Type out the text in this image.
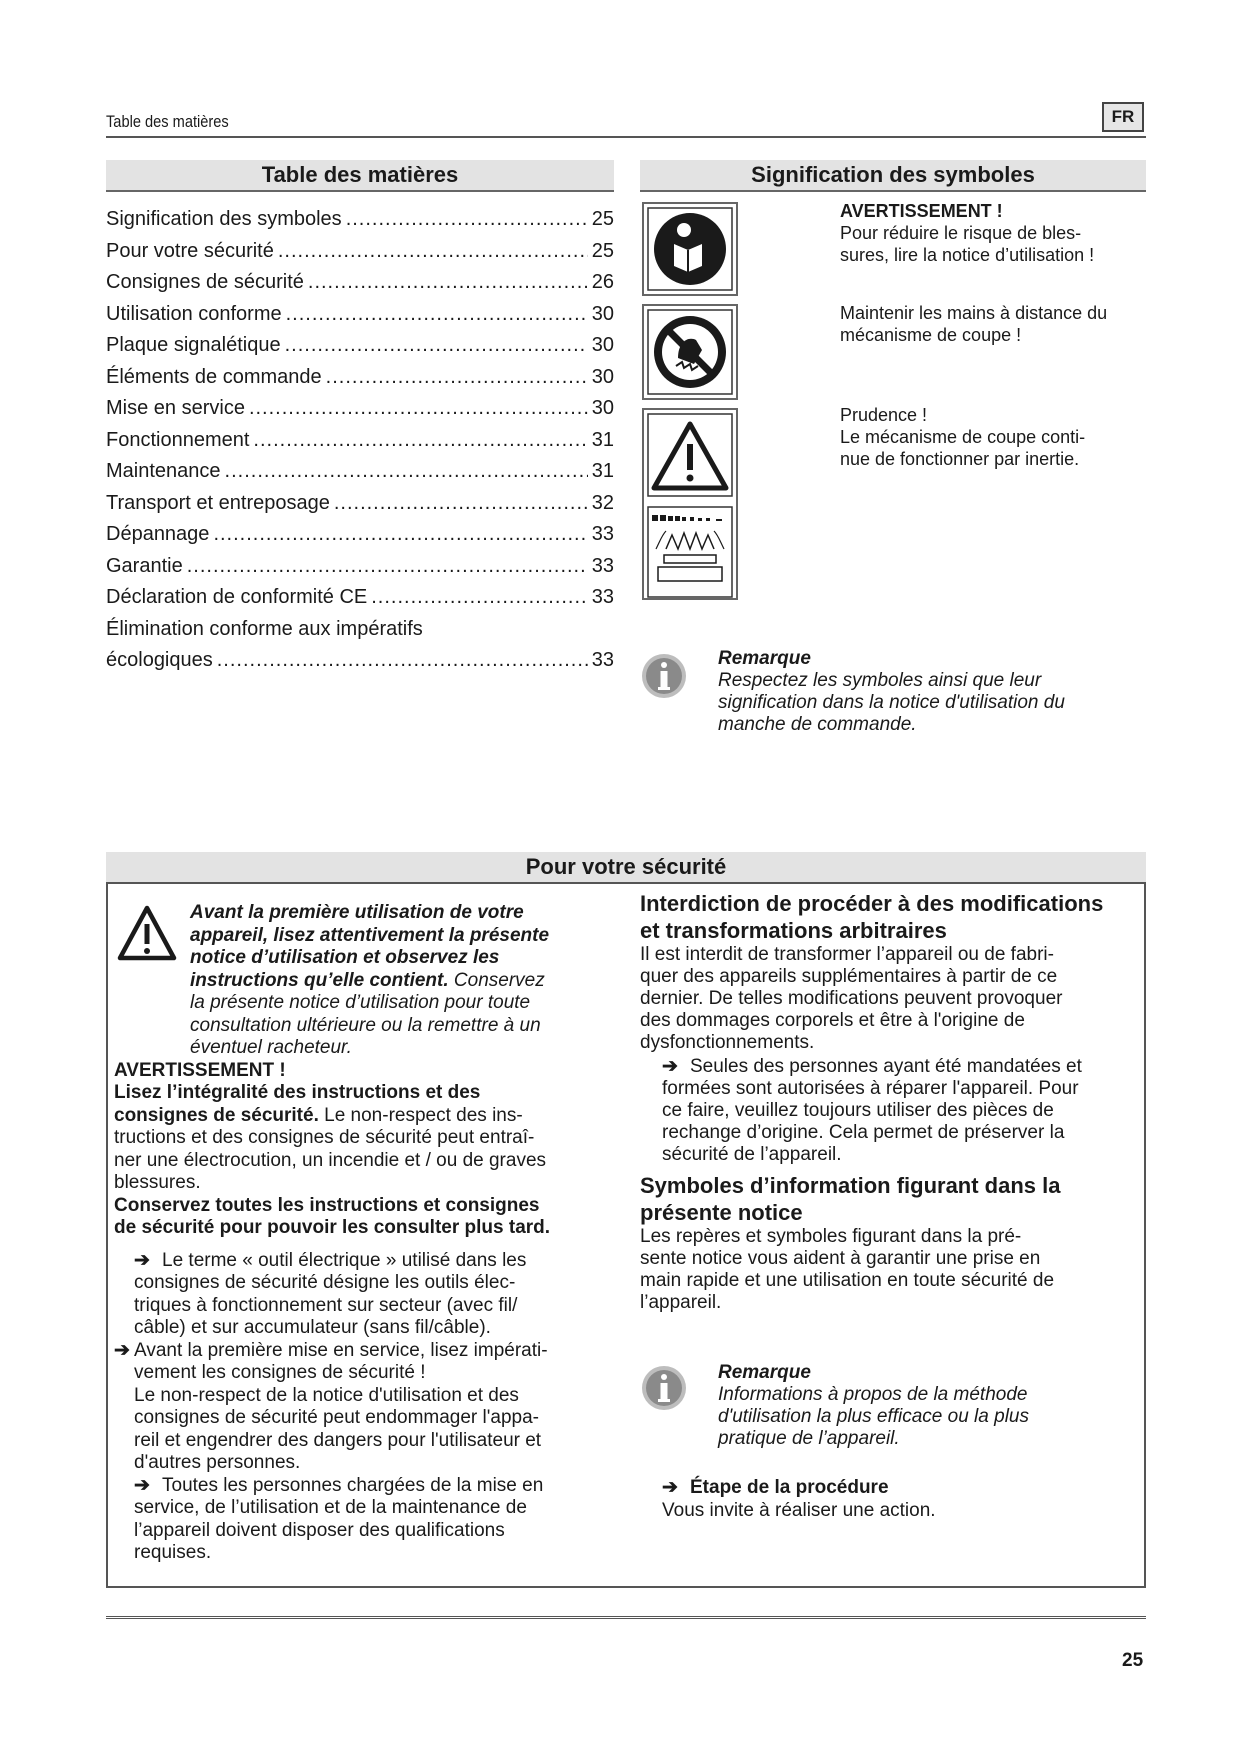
Table des matières	FR
Table des matières
Signification des symboles .....	25
Pour votre sécurité .....	25
Consignes de sécurité .....	26
Utilisation conforme .....	30
Plaque signalétique .....	30
Éléments de commande .....	30
Mise en service .....	30
Fonctionnement .....	31
Maintenance .....	31
Transport et entreposage .....	32
Dépannage .....	33
Garantie .....	33
Déclaration de conformité CE .....	33
Élimination conforme aux impératifs
écologiques .....	33
Signification des symboles

AVERTISSEMENT !

Pour réduire le risque de bles-

sures, lire la notice d’utilisation !

Maintenir les mains à distance du

mécanisme de coupe !

Prudence !

Le mécanisme de coupe conti-

nue de fonctionner par inertie.

Remarque

Respectez les symboles ainsi que leur

signification dans la notice d'utilisation du

manche de commande.

Pour votre sécurité

Avant la première utilisation de votre

appareil, lisez attentivement la présente

notice d’utilisation et observez les

instructions qu’elle contient. Conservez

la présente notice d’utilisation pour toute

consultation ultérieure ou la remettre à un

éventuel racheteur.

AVERTISSEMENT !

Lisez l’intégralité des instructions et des

consignes de sécurité. Le non-respect des ins-

tructions et des consignes de sécurité peut entraî-

ner une électrocution, un incendie et / ou de graves

blessures.

Conservez toutes les instructions et consignes

de sécurité pour pouvoir les consulter plus tard.

➔ Le terme « outil électrique » utilisé dans les

consignes de sécurité désigne les outils élec-

triques à fonctionnement sur secteur (avec fil/

câble) et sur accumulateur (sans fil/câble).

➔ Avant la première mise en service, lisez impérati-

vement les consignes de sécurité !

Le non-respect de la notice d'utilisation et des

consignes de sécurité peut endommager l'appa-

reil et engendrer des dangers pour l'utilisateur et

d'autres personnes.

➔ Toutes les personnes chargées de la mise en

service, de l’utilisation et de la maintenance de

l’appareil doivent disposer des qualifications

requises.

Interdiction de procéder à des modifications

et transformations arbitraires

Il est interdit de transformer l’appareil ou de fabri-

quer des appareils supplémentaires à partir de ce

dernier. De telles modifications peuvent provoquer

des dommages corporels et être à l'origine de

dysfonctionnements.

➔ Seules des personnes ayant été mandatées et

formées sont autorisées à réparer l'appareil. Pour

ce faire, veuillez toujours utiliser des pièces de

rechange d’origine. Cela permet de préserver la

sécurité de l’appareil.

Symboles d’information figurant dans la

présente notice

Les repères et symboles figurant dans la pré-

sente notice vous aident à garantir une prise en

main rapide et une utilisation en toute sécurité de

l’appareil.

Remarque

Informations à propos de la méthode

d'utilisation la plus efficace ou la plus

pratique de l’appareil.

➔ Étape de la procédure

Vous invite à réaliser une action.

25
